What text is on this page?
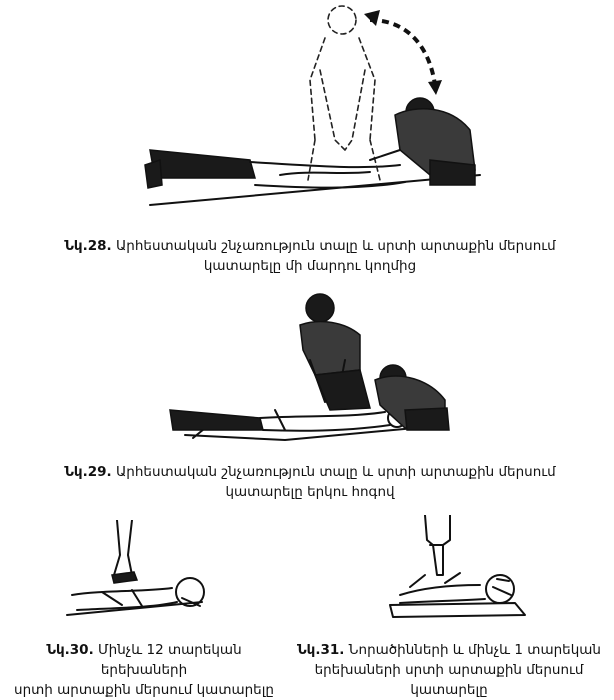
Նկ.28. Արհեստական շնչառություն տալը և սրտի արտաքին մերսում
կատարելը մի մարդու կողմից
Նկ.29. Արհեստական շնչառություն տալը և սրտի արտաքին մերսում
կատարելը երկու հոգով
Նկ.30. Մինչև 12 տարեկան երեխաների
սրտի արտաքին մերսում կատարելը
Նկ.31. Նորածինների և մինչև 1 տարեկան
երեխաների սրտի արտաքին մերսում կատարելը
